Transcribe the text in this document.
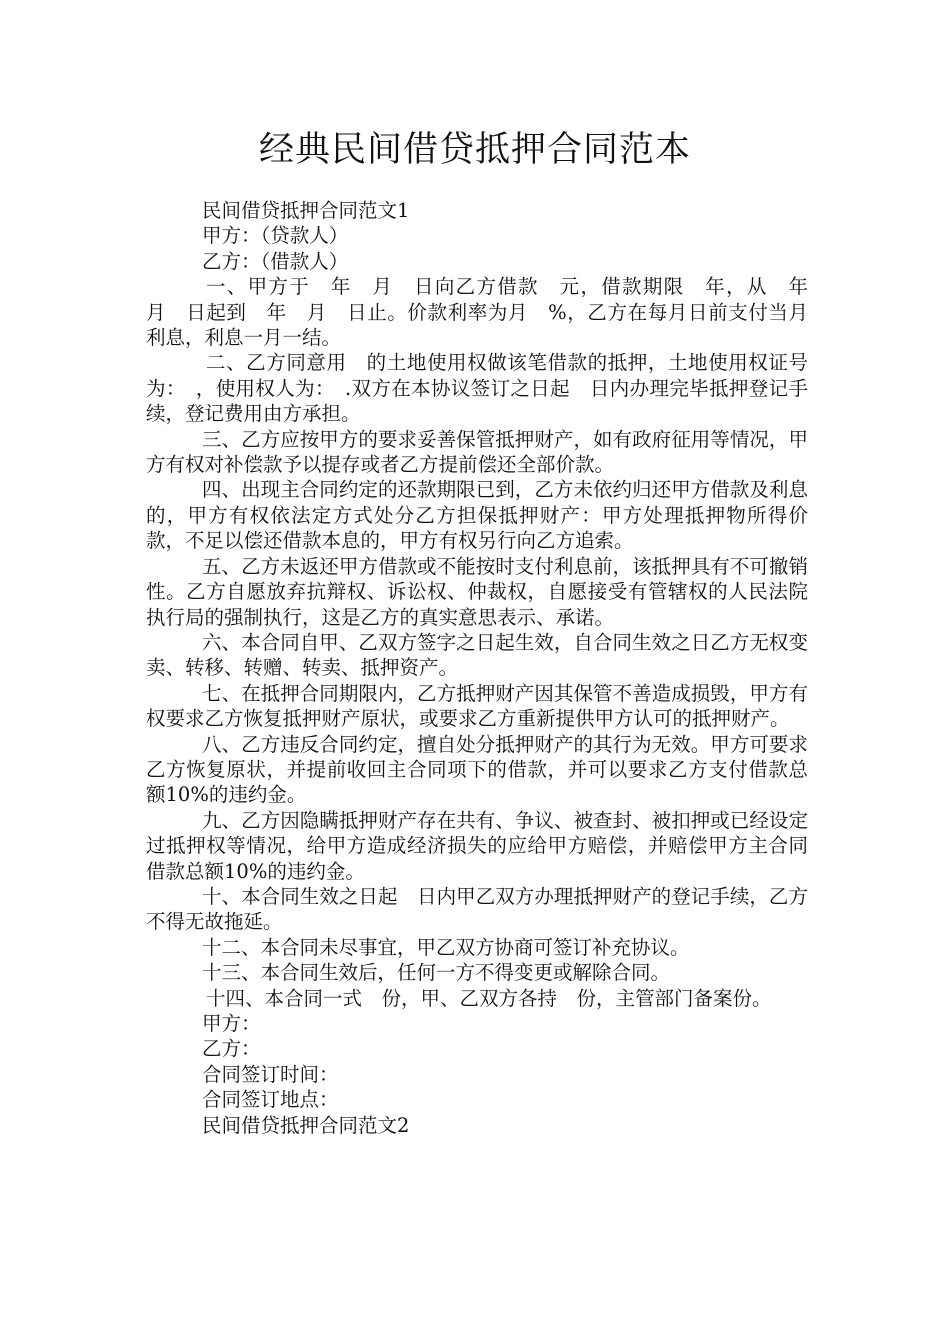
经典民间借贷抵押合同范本

民间借贷抵押合同范文1

甲方：（贷款人）

乙方：（借款人）

一、甲方于　年　月　日向乙方借款　元，借款期限　年，从　年　月　日起到　年　月　日止。价款利率为月　%，乙方在每月日前支付当月利息，利息一月一结。

二、乙方同意用　的土地使用权做该笔借款的抵押，土地使用权证号为：　，使用权人为：　.双方在本协议签订之日起　日内办理完毕抵押登记手续，登记费用由方承担。

三、乙方应按甲方的要求妥善保管抵押财产，如有政府征用等情况，甲方有权对补偿款予以提存或者乙方提前偿还全部价款。

四、出现主合同约定的还款期限已到，乙方未依约归还甲方借款及利息的，甲方有权依法定方式处分乙方担保抵押财产：甲方处理抵押物所得价款，不足以偿还借款本息的，甲方有权另行向乙方追索。

五、乙方未返还甲方借款或不能按时支付利息前，该抵押具有不可撤销性。乙方自愿放弃抗辩权、诉讼权、仲裁权，自愿接受有管辖权的人民法院执行局的强制执行，这是乙方的真实意思表示、承诺。

六、本合同自甲、乙双方签字之日起生效，自合同生效之日乙方无权变卖、转移、转赠、转卖、抵押资产。

七、在抵押合同期限内，乙方抵押财产因其保管不善造成损毁，甲方有权要求乙方恢复抵押财产原状，或要求乙方重新提供甲方认可的抵押财产。

八、乙方违反合同约定，擅自处分抵押财产的其行为无效。甲方可要求乙方恢复原状，并提前收回主合同项下的借款，并可以要求乙方支付借款总额10%的违约金。

九、乙方因隐瞒抵押财产存在共有、争议、被查封、被扣押或已经设定过抵押权等情况，给甲方造成经济损失的应给甲方赔偿，并赔偿甲方主合同借款总额10%的违约金。

十、本合同生效之日起　日内甲乙双方办理抵押财产的登记手续，乙方不得无故拖延。

十二、本合同未尽事宜，甲乙双方协商可签订补充协议。

十三、本合同生效后，任何一方不得变更或解除合同。

十四、本合同一式　份，甲、乙双方各持　份，主管部门备案份。

甲方：

乙方：

合同签订时间：

合同签订地点：

民间借贷抵押合同范文2
